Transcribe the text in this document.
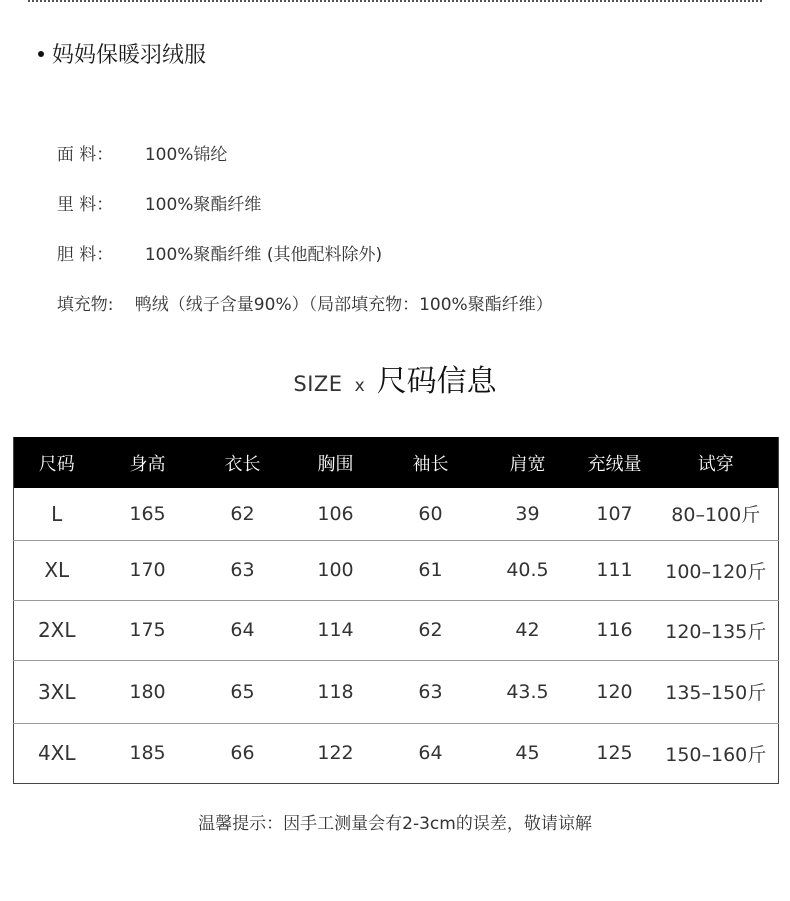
妈妈保暖羽绒服

面 料： 100%锦纶

里 料： 100%聚酯纤维

胆 料： 100%聚酯纤维 (其他配料除外)

填充物: 鸭绒（绒子含量90%）（局部填充物：100%聚酯纤维）

SIZE x 尺码信息
尺码	身高	衣长	胸围	袖长	肩宽	充绒量	试穿
L	165	62	106	60	39	107	80–100斤
XL	170	63	100	61	40.5	111	100–120斤
2XL	175	64	114	62	42	116	120–135斤
3XL	180	65	118	63	43.5	120	135–150斤
4XL	185	66	122	64	45	125	150–160斤
温馨提示：因手工测量会有2-3cm的误差，敬请谅解
